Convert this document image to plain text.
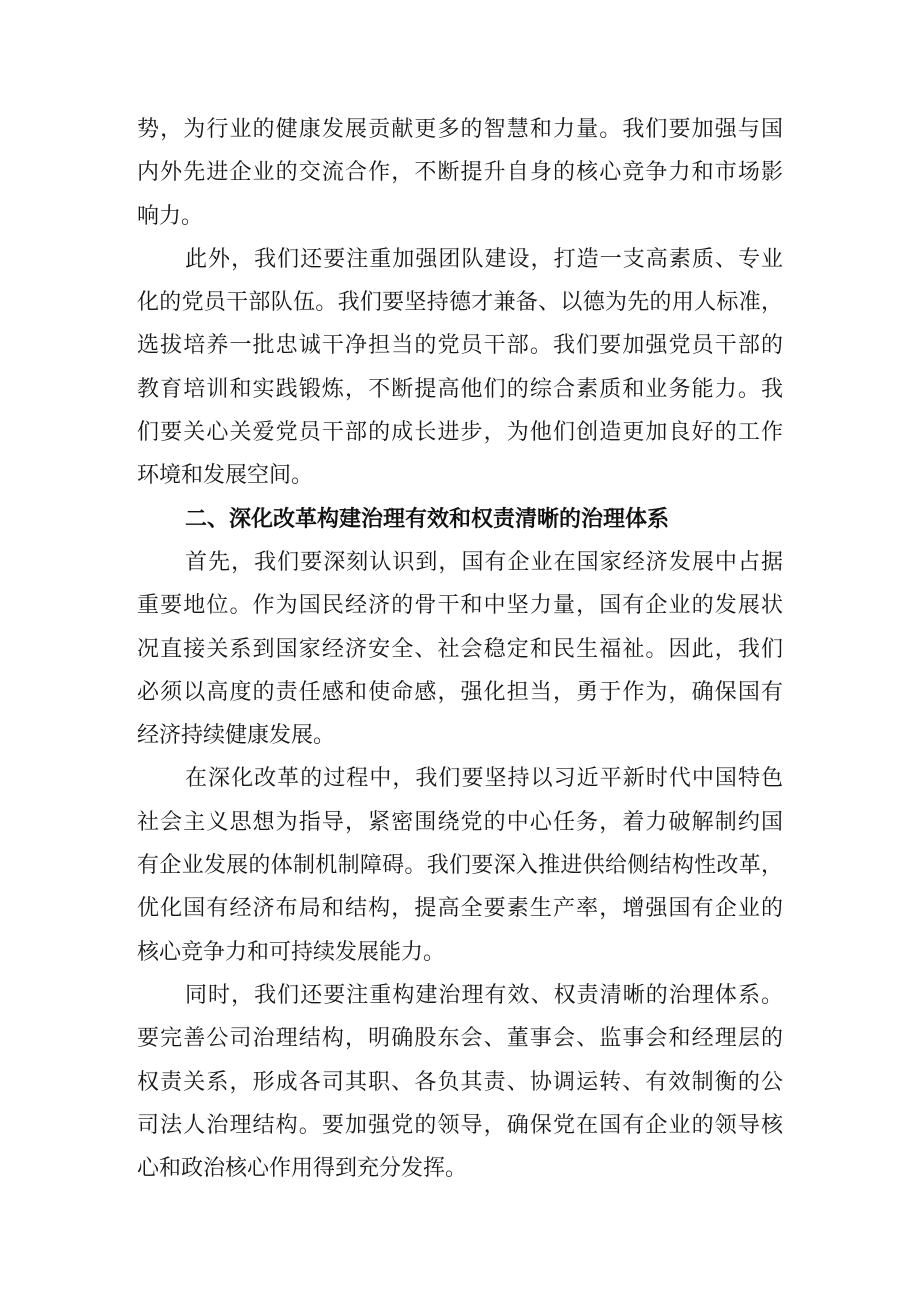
势，为行业的健康发展贡献更多的智慧和力量。我们要加强与国
内外先进企业的交流合作，不断提升自身的核心竞争力和市场影
响力。
此外，我们还要注重加强团队建设，打造一支高素质、专业
化的党员干部队伍。我们要坚持德才兼备、以德为先的用人标准，
选拔培养一批忠诚干净担当的党员干部。我们要加强党员干部的
教育培训和实践锻炼，不断提高他们的综合素质和业务能力。我
们要关心关爱党员干部的成长进步，为他们创造更加良好的工作
环境和发展空间。
二、深化改革构建治理有效和权责清晰的治理体系
首先，我们要深刻认识到，国有企业在国家经济发展中占据
重要地位。作为国民经济的骨干和中坚力量，国有企业的发展状
况直接关系到国家经济安全、社会稳定和民生福祉。因此，我们
必须以高度的责任感和使命感，强化担当，勇于作为，确保国有
经济持续健康发展。
在深化改革的过程中，我们要坚持以习近平新时代中国特色
社会主义思想为指导，紧密围绕党的中心任务，着力破解制约国
有企业发展的体制机制障碍。我们要深入推进供给侧结构性改革，
优化国有经济布局和结构，提高全要素生产率，增强国有企业的
核心竞争力和可持续发展能力。
同时，我们还要注重构建治理有效、权责清晰的治理体系。
要完善公司治理结构，明确股东会、董事会、监事会和经理层的
权责关系，形成各司其职、各负其责、协调运转、有效制衡的公
司法人治理结构。要加强党的领导，确保党在国有企业的领导核
心和政治核心作用得到充分发挥。
